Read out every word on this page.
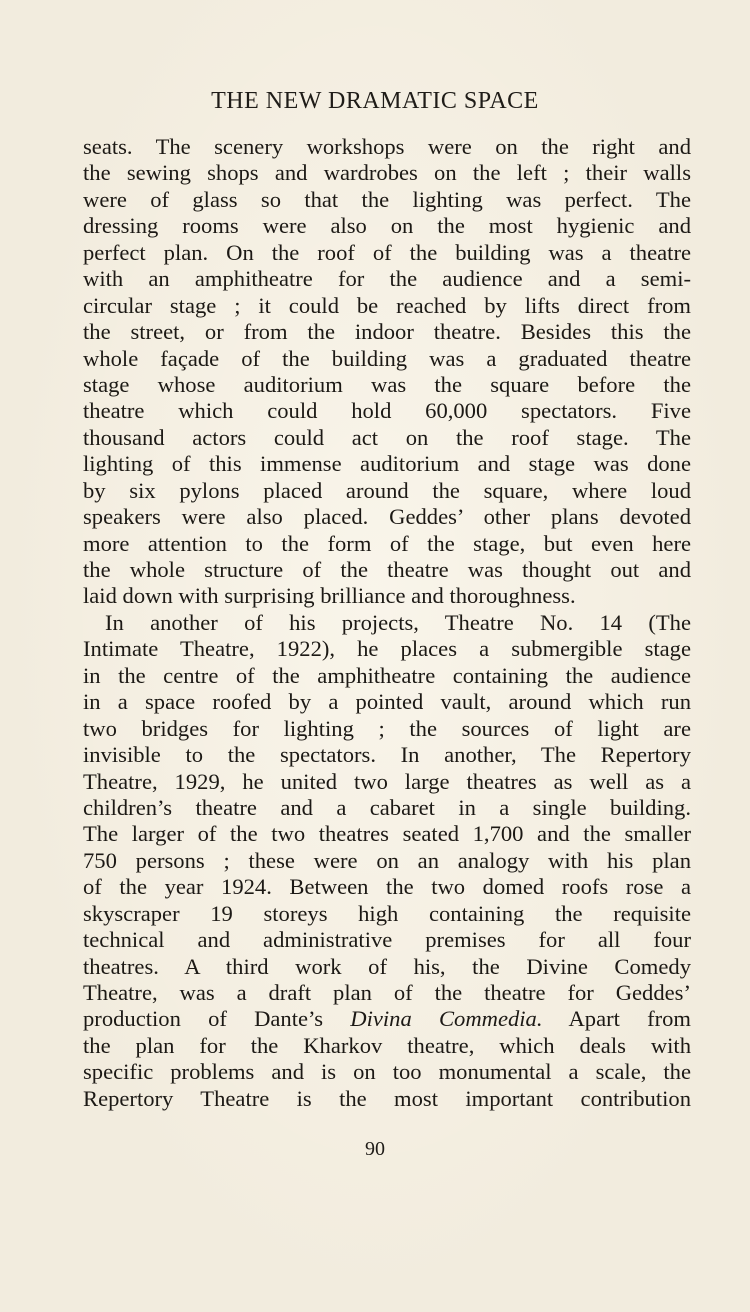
THE NEW DRAMATIC SPACE
seats. The scenery workshops were on the right and
the sewing shops and wardrobes on the left ; their walls
were of glass so that the lighting was perfect. The
dressing rooms were also on the most hygienic and
perfect plan. On the roof of the building was a theatre
with an amphitheatre for the audience and a semi-
circular stage ; it could be reached by lifts direct from
the street, or from the indoor theatre. Besides this the
whole façade of the building was a graduated theatre
stage whose auditorium was the square before the
theatre which could hold 60,000 spectators. Five
thousand actors could act on the roof stage. The
lighting of this immense auditorium and stage was done
by six pylons placed around the square, where loud
speakers were also placed. Geddes’ other plans devoted
more attention to the form of the stage, but even here
the whole structure of the theatre was thought out and
laid down with surprising brilliance and thoroughness.
In another of his projects, Theatre No. 14 (The
Intimate Theatre, 1922), he places a submergible stage
in the centre of the amphitheatre containing the audience
in a space roofed by a pointed vault, around which run
two bridges for lighting ; the sources of light are
invisible to the spectators. In another, The Repertory
Theatre, 1929, he united two large theatres as well as a
children’s theatre and a cabaret in a single building.
The larger of the two theatres seated 1,700 and the smaller
750 persons ; these were on an analogy with his plan
of the year 1924. Between the two domed roofs rose a
skyscraper 19 storeys high containing the requisite
technical and administrative premises for all four
theatres. A third work of his, the Divine Comedy
Theatre, was a draft plan of the theatre for Geddes’
production of Dante’s Divina Commedia. Apart from
the plan for the Kharkov theatre, which deals with
specific problems and is on too monumental a scale, the
Repertory Theatre is the most important contribution
90
